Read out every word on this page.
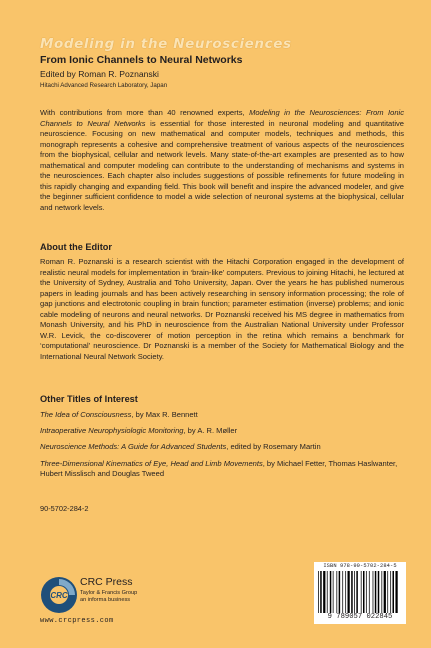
Modeling in the Neurosciences
From Ionic Channels to Neural Networks
Edited by Roman R. Poznanski
Hitachi Advanced Research Laboratory, Japan

With contributions from more than 40 renowned experts, Modeling in the Neurosciences: From Ionic Channels to Neural Networks is essential for those interested in neuronal modeling and quantitative neuroscience. Focusing on new mathematical and computer models, techniques and methods, this monograph represents a cohesive and comprehensive treatment of various aspects of the neurosciences from the biophysical, cellular and network levels. Many state-of-the-art examples are presented as to how mathematical and computer modeling can contribute to the understanding of mechanisms and systems in the neurosciences. Each chapter also includes suggestions of possible refinements for future modeling in this rapidly changing and expanding field. This book will benefit and inspire the advanced modeler, and give the beginner sufficient confidence to model a wide selection of neuronal systems at the biophysical, cellular and network levels.

About the Editor

Roman R. Poznanski is a research scientist with the Hitachi Corporation engaged in the development of realistic neural models for implementation in ‘brain-like’ computers. Previous to joining Hitachi, he lectured at the University of Sydney, Australia and Toho University, Japan. Over the years he has published numerous papers in leading journals and has been actively researching in sensory information processing; the role of gap junctions and electrotonic coupling in brain function; parameter estimation (inverse) problems; and ionic cable modeling of neurons and neural networks. Dr Poznanski received his MS degree in mathematics from Monash University, and his PhD in neuroscience from the Australian National University under Professor W.R. Levick, the co-discoverer of motion perception in the retina which remains a benchmark for ‘computational’ neuroscience. Dr Poznanski is a member of the Society for Mathematical Biology and the International Neural Network Society.

Other Titles of Interest
The Idea of Consciousness, by Max R. Bennett
Intraoperative Neurophysiologic Monitoring, by A. R. Møller
Neuroscience Methods: A Guide for Advanced Students, edited by Rosemary Martin
Three-Dimensional Kinematics of Eye, Head and Limb Movements, by Michael Fetter, Thomas Haslwanter, Hubert Misslisch and Douglas Tweed
90-5702-284-2
CRC
CRC Press
Taylor & Francis Group
an informa business
www.crcpress.com
ISBN 978-90-5702-284-5
9 789057 022845
